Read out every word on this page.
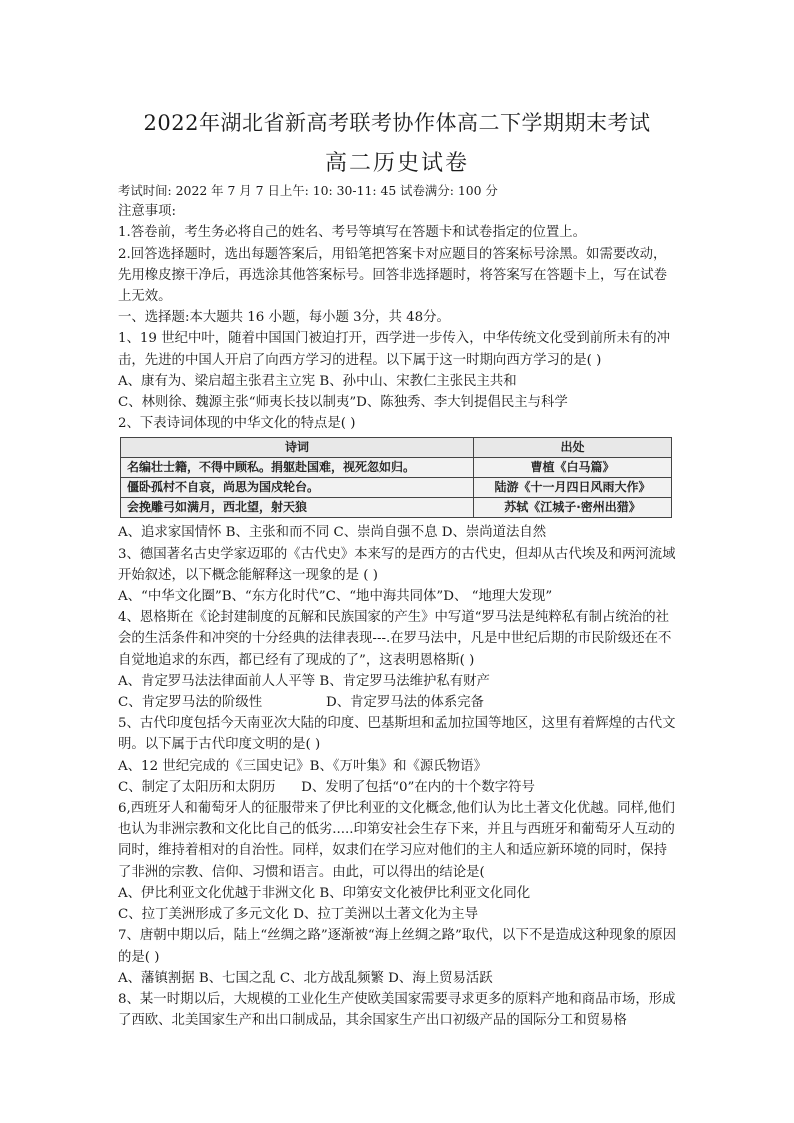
2022年湖北省新高考联考协作体高二下学期期末考试
高二历史试卷

考试时间: 2022 年 7 月 7 日上午: 10: 30-11: 45 试卷满分: 100 分

注意事项:

1.答卷前，考生务必将自己的姓名、考号等填写在答题卡和试卷指定的位置上。

2.回答选择题时，选出每题答案后，用铅笔把答案卡对应题目的答案标号涂黑。如需要改动，先用橡皮擦干净后，再选涂其他答案标号。回答非选择题时，将答案写在答题卡上，写在试卷上无效。

一、选择题:本大题共 16 小题，每小题 3分，共 48分。

1、19 世纪中叶，随着中国国门被迫打开，西学进一步传入，中华传统文化受到前所未有的冲击，先进的中国人开启了向西方学习的进程。以下属于这一时期向西方学习的是( )

A、康有为、梁启超主张君主立宪 B、孙中山、宋教仁主张民主共和

C、林则徐、魏源主张“师夷长技以制夷”D、陈独秀、李大钊提倡民主与科学

2、下表诗词体现的中华文化的特点是( )

诗词	出处
名编壮士籍，不得中顾私。捐躯赴国难，视死忽如归。	曹植《白马篇》
僵卧孤村不自哀，尚思为国戍轮台。	陆游《十一月四日风雨大作》
会挽雕弓如满月，西北望，射天狼	苏轼《江城子·密州出猎》

A、追求家国情怀 B、主张和而不同 C、崇尚自强不息 D、崇尚道法自然

3、德国著名古史学家迈耶的《古代史》本来写的是西方的古代史，但却从古代埃及和两河流域开始叙述，以下概念能解释这一现象的是 ( )

A、“中华文化圈”B、“东方化时代”C、“地中海共同体”D、 “地理大发现”

4、恩格斯在《论封建制度的瓦解和民族国家的产生》中写道“罗马法是纯粹私有制占统治的社会的生活条件和冲突的十分经典的法律表现---.在罗马法中，凡是中世纪后期的市民阶级还在不自觉地追求的东西，都已经有了现成的了”，这表明恩格斯( )

A、肯定罗马法法律面前人人平等 B、肯定罗马法维护私有财产

C、肯定罗马法的阶级性               D、肯定罗马法的体系完备

5、古代印度包括今天南亚次大陆的印度、巴基斯坦和孟加拉国等地区，这里有着辉煌的古代文明。以下属于古代印度文明的是( )

A、12 世纪完成的《三国史记》B、《万叶集》和《源氏物语》

C、制定了太阳历和太阴历      D、发明了包括“0”在内的十个数字符号

6,西班牙人和葡萄牙人的征服带来了伊比利亚的文化概念,他们认为比土著文化优越。同样,他们也认为非洲宗教和文化比自己的低劣.....印第安社会生存下来，并且与西班牙和葡萄牙人互动的同时，维持着相对的自治性。同样，奴隶们在学习应对他们的主人和适应新环境的同时，保持了非洲的宗教、信仰、习惯和语言。由此，可以得出的结论是(

A、伊比利亚文化优越于非洲文化 B、印第安文化被伊比利亚文化同化

C、拉丁美洲形成了多元文化 D、拉丁美洲以土著文化为主导

7、唐朝中期以后，陆上“丝绸之路”逐渐被“海上丝绸之路”取代，以下不是造成这种现象的原因的是( )

A、藩镇割据 B、七国之乱 C、北方战乱频繁 D、海上贸易活跃

8、某一时期以后，大规模的工业化生产使欧美国家需要寻求更多的原料产地和商品市场，形成了西欧、北美国家生产和出口制成品，其余国家生产出口初级产品的国际分工和贸易格
